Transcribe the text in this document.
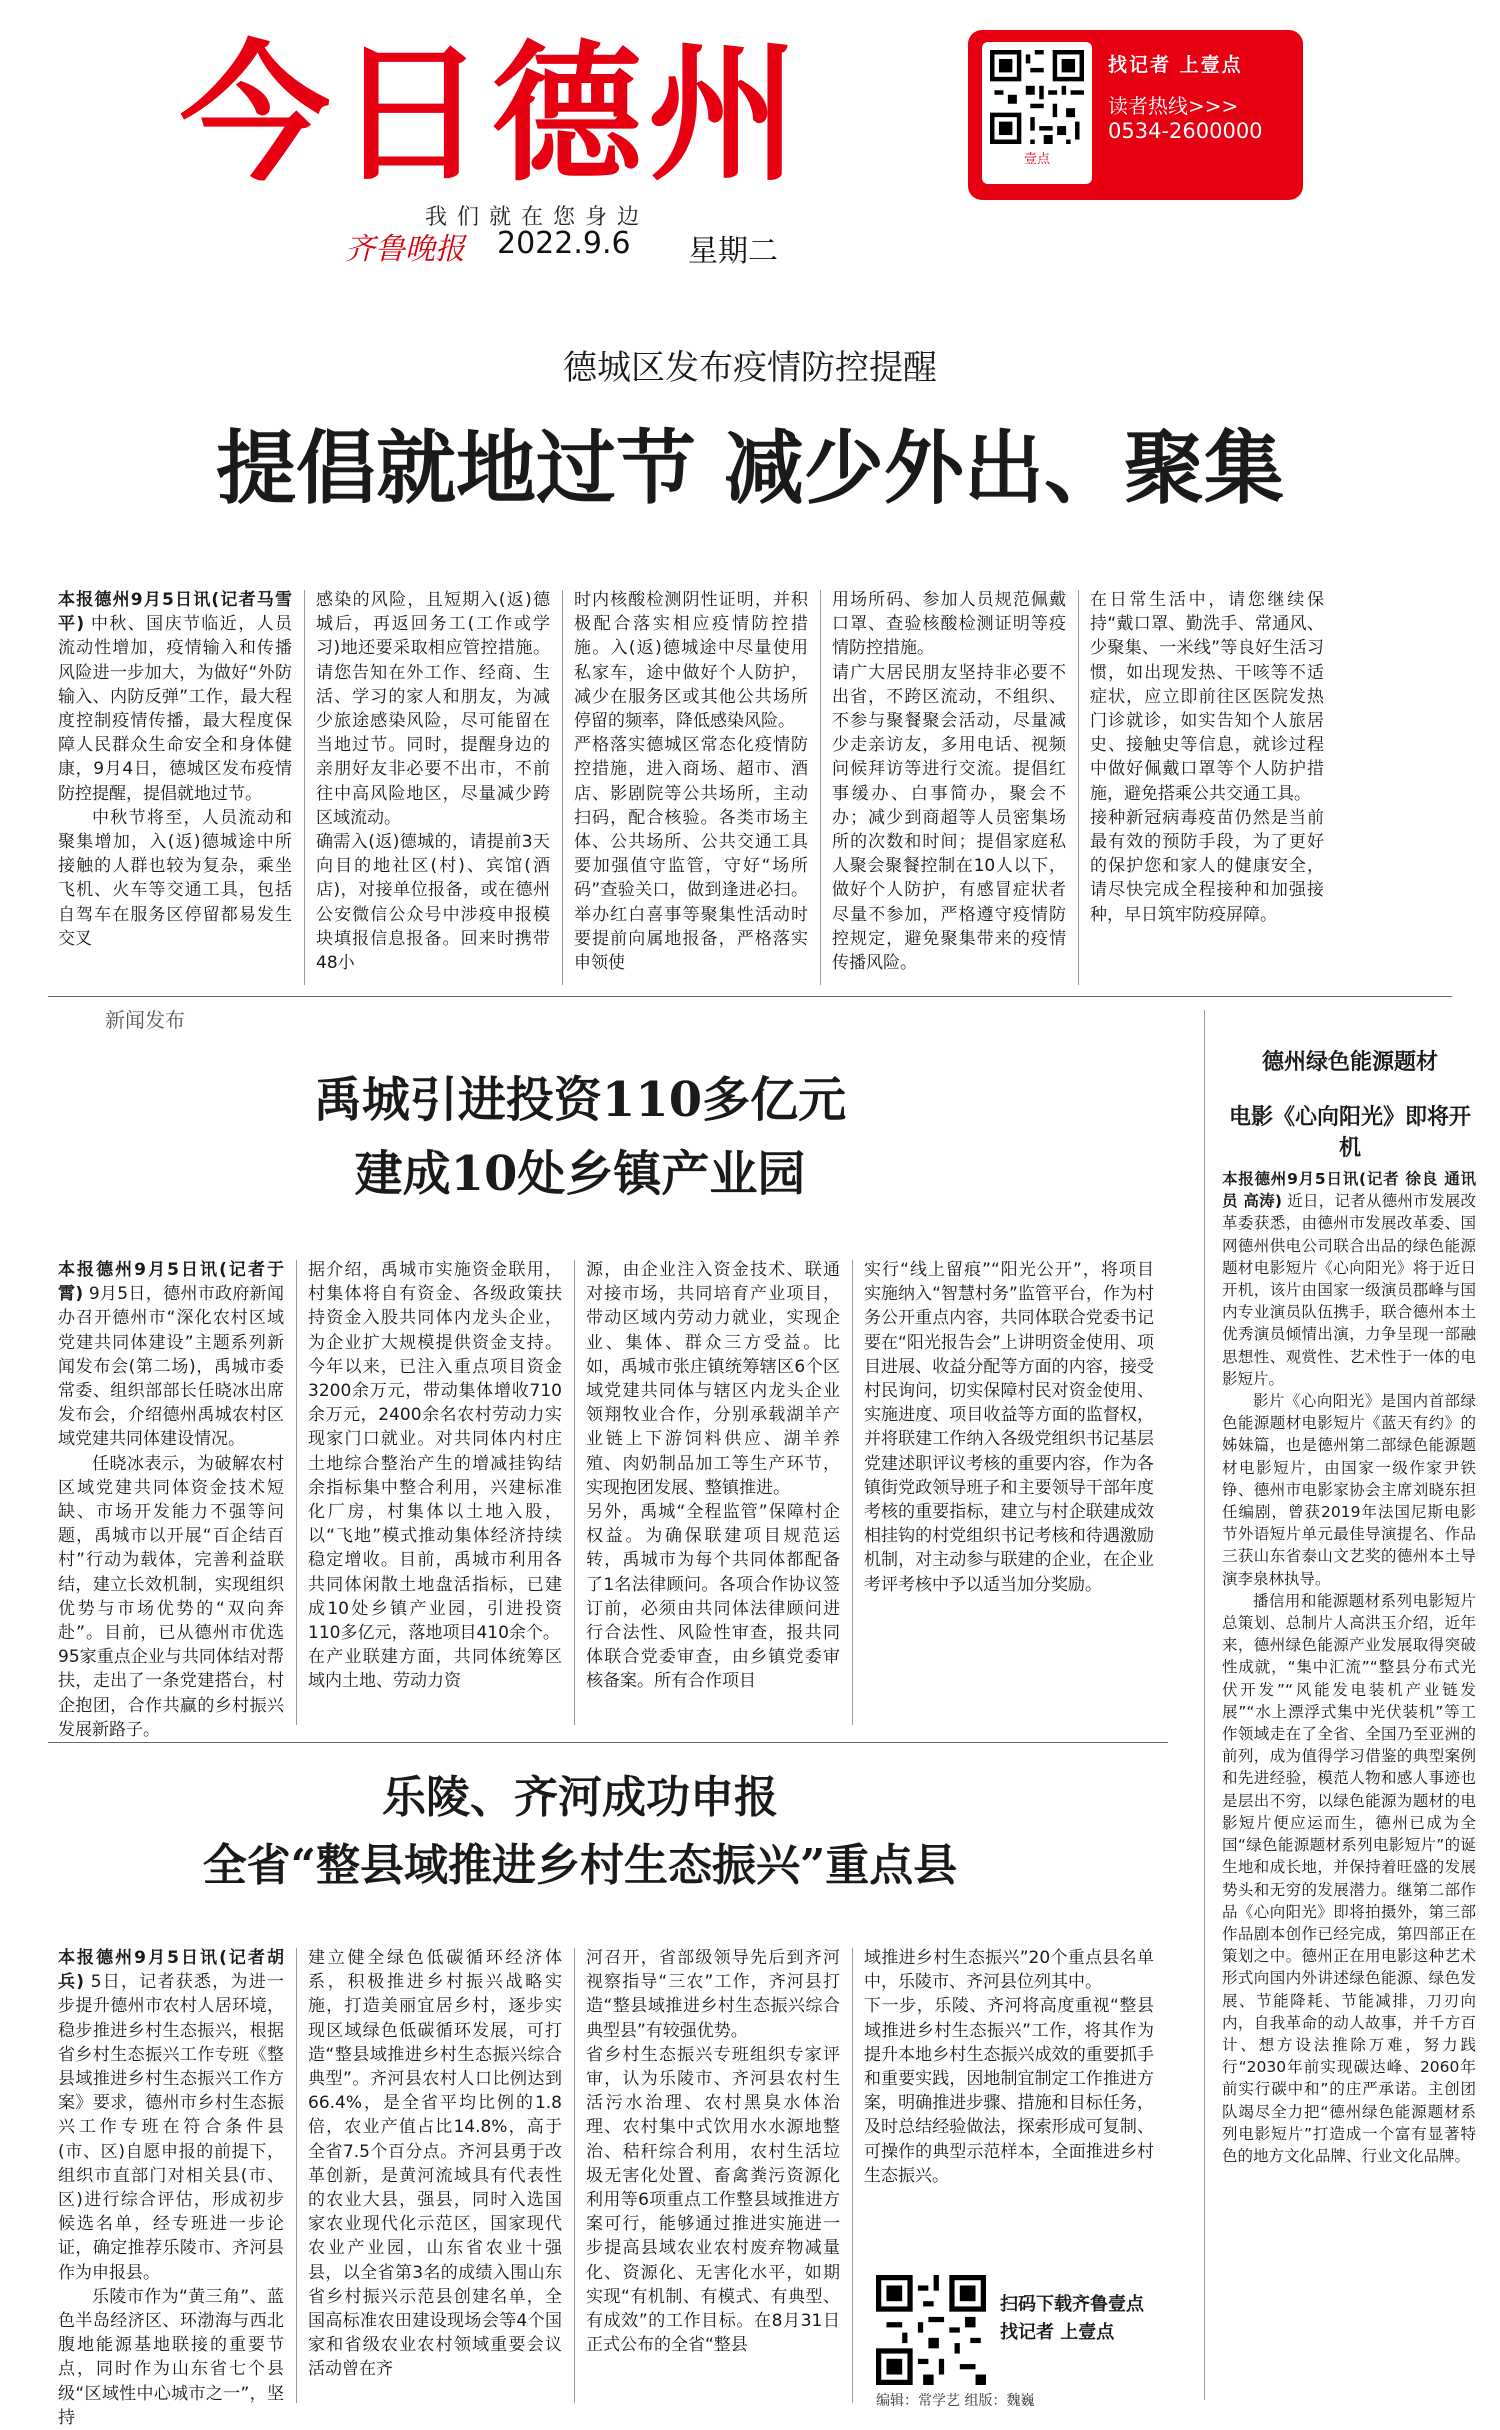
今日德州
我们就在您身边
齐鲁晚报 2022.9.6 星期二
壹点
找记者 上壹点
读者热线>>>
0534-2600000
德城区发布疫情防控提醒
提倡就地过节 减少外出、聚集

本报德州9月5日讯(记者马雪平) 中秋、国庆节临近，人员流动性增加，疫情输入和传播风险进一步加大，为做好“外防输入、内防反弹”工作，最大程度控制疫情传播，最大程度保障人民群众生命安全和身体健康，9月4日，德城区发布疫情防控提醒，提倡就地过节。

中秋节将至，人员流动和聚集增加，入(返)德城途中所接触的人群也较为复杂，乘坐飞机、火车等交通工具，包括自驾车在服务区停留都易发生交叉

感染的风险，且短期入(返)德城后，再返回务工(工作或学习)地还要采取相应管控措施。请您告知在外工作、经商、生活、学习的家人和朋友，为减少旅途感染风险，尽可能留在当地过节。同时，提醒身边的亲朋好友非必要不出市，不前往中高风险地区，尽量减少跨区域流动。
确需入(返)德城的，请提前3天向目的地社区(村)、宾馆(酒店)，对接单位报备，或在德州公安微信公众号中涉疫申报模块填报信息报备。回来时携带48小
时内核酸检测阴性证明，并积极配合落实相应疫情防控措施。入(返)德城途中尽量使用私家车，途中做好个人防护，减少在服务区或其他公共场所停留的频率，降低感染风险。
严格落实德城区常态化疫情防控措施，进入商场、超市、酒店、影剧院等公共场所，主动扫码，配合核验。各类市场主体、公共场所、公共交通工具要加强值守监管，守好“场所码”查验关口，做到逢进必扫。举办红白喜事等聚集性活动时要提前向属地报备，严格落实申领使
用场所码、参加人员规范佩戴口罩、查验核酸检测证明等疫情防控措施。
请广大居民朋友坚持非必要不出省，不跨区流动，不组织、不参与聚餐聚会活动，尽量减少走亲访友，多用电话、视频问候拜访等进行交流。提倡红事缓办、白事简办，聚会不办；减少到商超等人员密集场所的次数和时间；提倡家庭私人聚会聚餐控制在10人以下，做好个人防护，有感冒症状者尽量不参加，严格遵守疫情防控规定，避免聚集带来的疫情传播风险。
在日常生活中，请您继续保持“戴口罩、勤洗手、常通风、少聚集、一米线”等良好生活习惯，如出现发热、干咳等不适症状，应立即前往区医院发热门诊就诊，如实告知个人旅居史、接触史等信息，就诊过程中做好佩戴口罩等个人防护措施，避免搭乘公共交通工具。
接种新冠病毒疫苗仍然是当前最有效的预防手段，为了更好的保护您和家人的健康安全，请尽快完成全程接种和加强接种，早日筑牢防疫屏障。
新闻发布
禹城引进投资110多亿元
建成10处乡镇产业园

本报德州9月5日讯(记者于霄) 9月5日，德州市政府新闻办召开德州市“深化农村区域党建共同体建设”主题系列新闻发布会(第二场)，禹城市委常委、组织部部长任晓冰出席发布会，介绍德州禹城农村区域党建共同体建设情况。

任晓冰表示，为破解农村区域党建共同体资金技术短缺、市场开发能力不强等问题，禹城市以开展“百企结百村”行动为载体，完善利益联结，建立长效机制，实现组织优势与市场优势的“双向奔赴”。目前，已从德州市优选95家重点企业与共同体结对帮扶，走出了一条党建搭台，村企抱团，合作共赢的乡村振兴发展新路子。

据介绍，禹城市实施资金联用，村集体将自有资金、各级政策扶持资金入股共同体内龙头企业，为企业扩大规模提供资金支持。今年以来，已注入重点项目资金3200余万元，带动集体增收710余万元，2400余名农村劳动力实现家门口就业。对共同体内村庄土地综合整治产生的增减挂钩结余指标集中整合利用，兴建标准化厂房，村集体以土地入股，以“飞地”模式推动集体经济持续稳定增收。目前，禹城市利用各共同体闲散土地盘活指标，已建成10处乡镇产业园，引进投资110多亿元，落地项目410余个。
在产业联建方面，共同体统筹区域内土地、劳动力资
源，由企业注入资金技术、联通对接市场，共同培育产业项目，带动区域内劳动力就业，实现企业、集体、群众三方受益。比如，禹城市张庄镇统筹辖区6个区域党建共同体与辖区内龙头企业领翔牧业合作，分别承载湖羊产业链上下游饲料供应、湖羊养殖、肉奶制品加工等生产环节，实现抱团发展、整镇推进。
另外，禹城“全程监管”保障村企权益。为确保联建项目规范运转，禹城市为每个共同体都配备了1名法律顾问。各项合作协议签订前，必须由共同体法律顾问进行合法性、风险性审查，报共同体联合党委审查，由乡镇党委审核备案。所有合作项目
实行“线上留痕”“阳光公开”，将项目实施纳入“智慧村务”监管平台，作为村务公开重点内容，共同体联合党委书记要在“阳光报告会”上讲明资金使用、项目进展、收益分配等方面的内容，接受村民询问，切实保障村民对资金使用、实施进度、项目收益等方面的监督权，并将联建工作纳入各级党组织书记基层党建述职评议考核的重要内容，作为各镇街党政领导班子和主要领导干部年度考核的重要指标，建立与村企联建成效相挂钩的村党组织书记考核和待遇激励机制，对主动参与联建的企业，在企业考评考核中予以适当加分奖励。
乐陵、齐河成功申报
全省“整县域推进乡村生态振兴”重点县

本报德州9月5日讯(记者胡兵) 5日，记者获悉，为进一步提升德州市农村人居环境，稳步推进乡村生态振兴，根据省乡村生态振兴工作专班《整县域推进乡村生态振兴工作方案》要求，德州市乡村生态振兴工作专班在符合条件县(市、区)自愿申报的前提下，组织市直部门对相关县(市、区)进行综合评估，形成初步候选名单，经专班进一步论证，确定推荐乐陵市、齐河县作为申报县。

乐陵市作为“黄三角”、蓝色半岛经济区、环渤海与西北腹地能源基地联接的重要节点，同时作为山东省七个县级“区域性中心城市之一”，坚持

建立健全绿色低碳循环经济体系，积极推进乡村振兴战略实施，打造美丽宜居乡村，逐步实现区域绿色低碳循环发展，可打造“整县域推进乡村生态振兴综合典型”。齐河县农村人口比例达到66.4%，是全省平均比例的1.8倍，农业产值占比14.8%，高于全省7.5个百分点。齐河县勇于改革创新，是黄河流域具有代表性的农业大县，强县，同时入选国家农业现代化示范区，国家现代农业产业园，山东省农业十强县，以全省第3名的成绩入围山东省乡村振兴示范县创建名单，全国高标准农田建设现场会等4个国家和省级农业农村领域重要会议活动曾在齐
河召开，省部级领导先后到齐河视察指导“三农”工作，齐河县打造“整县域推进乡村生态振兴综合典型县”有较强优势。
省乡村生态振兴专班组织专家评审，认为乐陵市、齐河县农村生活污水治理、农村黑臭水体治理、农村集中式饮用水水源地整治、秸秆综合利用，农村生活垃圾无害化处置、畜禽粪污资源化利用等6项重点工作整县域推进方案可行，能够通过推进实施进一步提高县域农业农村废弃物减量化、资源化、无害化水平，如期实现“有机制、有模式、有典型、有成效”的工作目标。在8月31日正式公布的全省“整县
域推进乡村生态振兴”20个重点县名单中，乐陵市、齐河县位列其中。
下一步，乐陵、齐河将高度重视“整县域推进乡村生态振兴”工作，将其作为提升本地乡村生态振兴成效的重要抓手和重要实践，因地制宜制定工作推进方案，明确推进步骤、措施和目标任务，及时总结经验做法，探索形成可复制、可操作的典型示范样本，全面推进乡村生态振兴。
扫码下载齐鲁壹点
找记者 上壹点
编辑：常学艺 组版：魏巍
德州绿色能源题材
电影《心向阳光》即将开机

本报德州9月5日讯(记者 徐良 通讯员 高涛) 近日，记者从德州市发展改革委获悉，由德州市发展改革委、国网德州供电公司联合出品的绿色能源题材电影短片《心向阳光》将于近日开机，该片由国家一级演员郡峰与国内专业演员队伍携手，联合德州本土优秀演员倾情出演，力争呈现一部融思想性、观赏性、艺术性于一体的电影短片。

影片《心向阳光》是国内首部绿色能源题材电影短片《蓝天有约》的姊妹篇，也是德州第二部绿色能源题材电影短片，由国家一级作家尹铁铮、德州市电影家协会主席刘晓东担任编剧，曾获2019年法国尼斯电影节外语短片单元最佳导演提名、作品三获山东省泰山文艺奖的德州本土导演李泉林执导。

播信用和能源题材系列电影短片总策划、总制片人高洪玉介绍，近年来，德州绿色能源产业发展取得突破性成就，“集中汇流”“整县分布式光伏开发”“风能发电装机产业链发展”“水上漂浮式集中光伏装机”等工作领域走在了全省、全国乃至亚洲的前列，成为值得学习借鉴的典型案例和先进经验，模范人物和感人事迹也是层出不穷，以绿色能源为题材的电影短片便应运而生，德州已成为全国“绿色能源题材系列电影短片”的诞生地和成长地，并保持着旺盛的发展势头和无穷的发展潜力。继第二部作品《心向阳光》即将拍摄外，第三部作品剧本创作已经完成，第四部正在策划之中。德州正在用电影这种艺术形式向国内外讲述绿色能源、绿色发展、节能降耗、节能减排，刀刃向内，自我革命的动人故事，并千方百计、想方设法推除万难，努力践行“2030年前实现碳达峰、2060年前实行碳中和”的庄严承诺。主创团队竭尽全力把“德州绿色能源题材系列电影短片”打造成一个富有显著特色的地方文化品牌、行业文化品牌。
